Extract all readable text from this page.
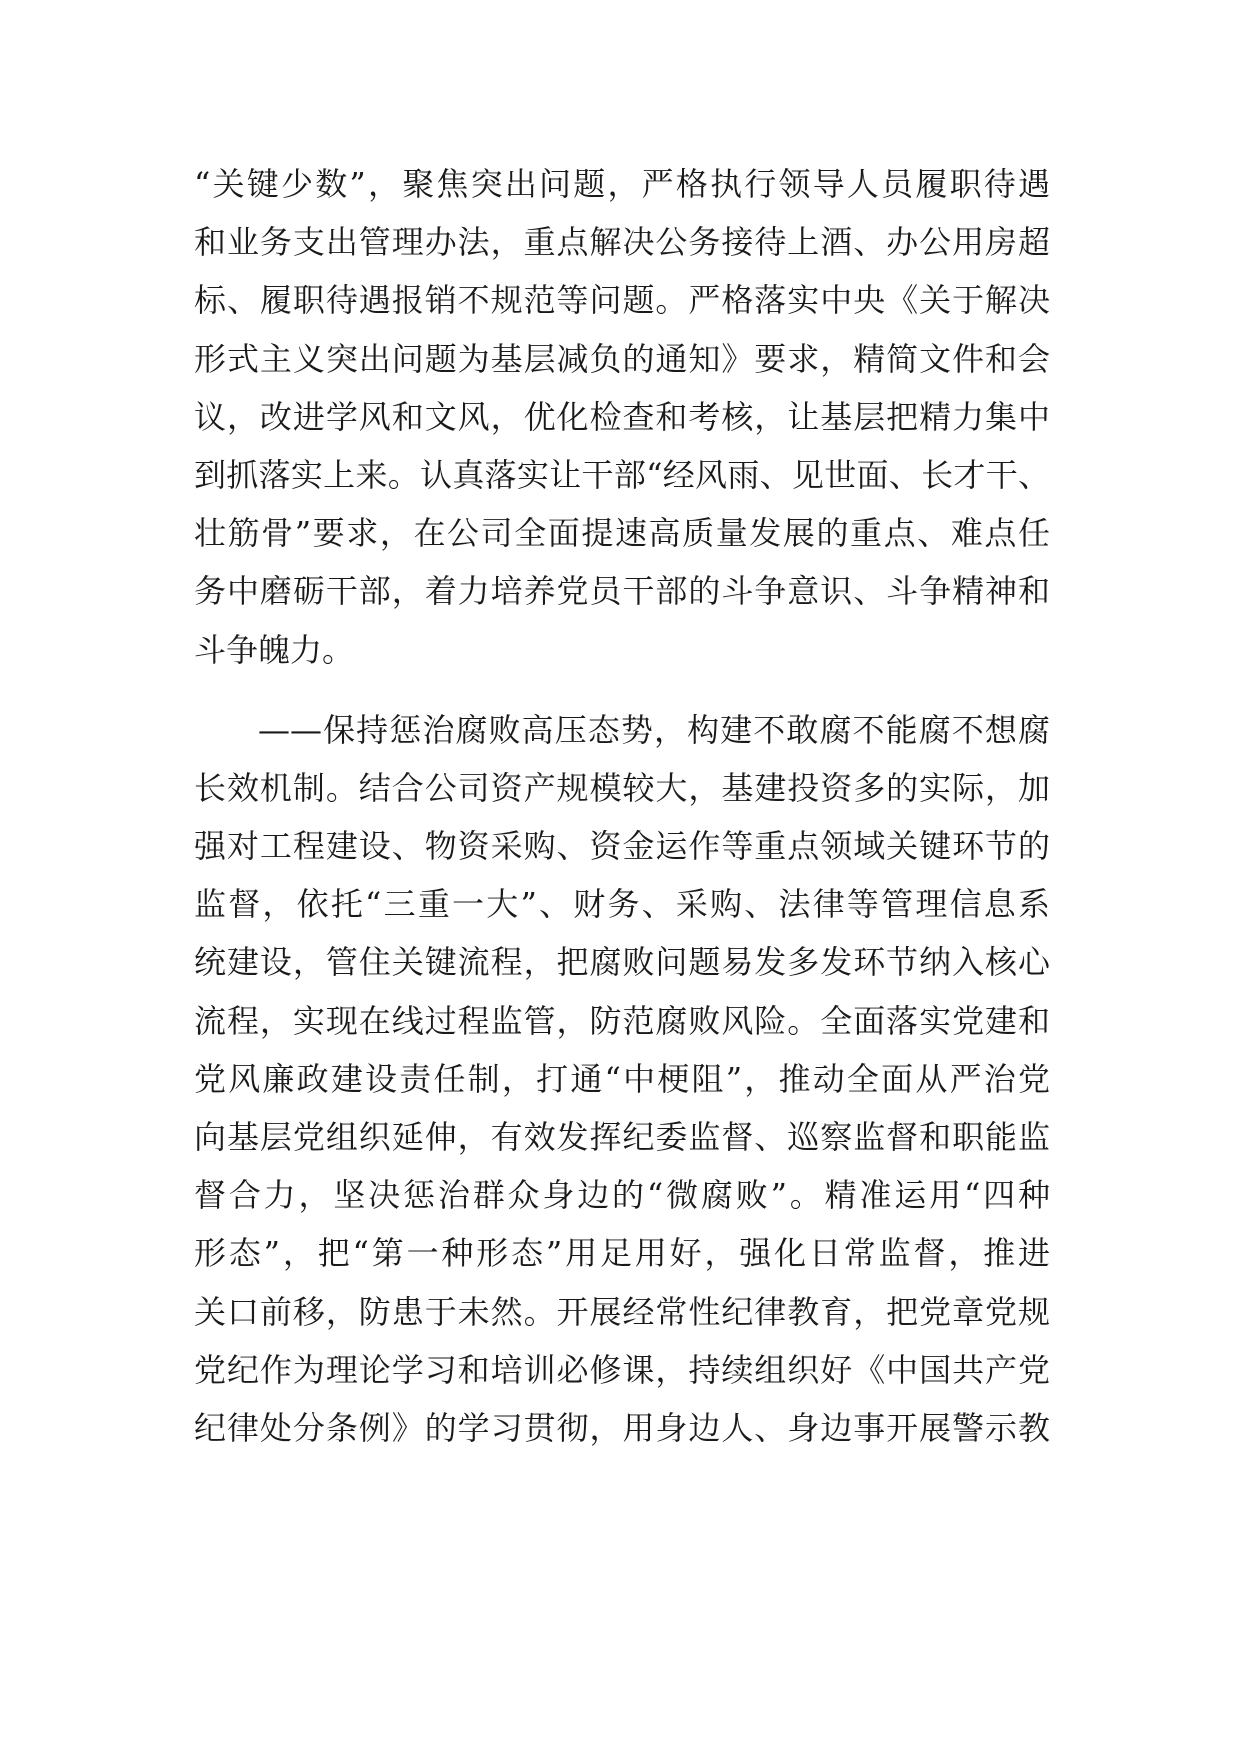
“关键少数”，聚焦突出问题，严格执行领导人员履职待遇
和业务支出管理办法，重点解决公务接待上酒、办公用房超
标、履职待遇报销不规范等问题。严格落实中央《关于解决
形式主义突出问题为基层减负的通知》要求，精简文件和会
议，改进学风和文风，优化检查和考核，让基层把精力集中
到抓落实上来。认真落实让干部“经风雨、见世面、长才干、
壮筋骨”要求，在公司全面提速高质量发展的重点、难点任
务中磨砺干部，着力培养党员干部的斗争意识、斗争精神和
斗争魄力。
——保持惩治腐败高压态势，构建不敢腐不能腐不想腐
长效机制。结合公司资产规模较大，基建投资多的实际，加
强对工程建设、物资采购、资金运作等重点领域关键环节的
监督，依托“三重一大”、财务、采购、法律等管理信息系
统建设，管住关键流程，把腐败问题易发多发环节纳入核心
流程，实现在线过程监管，防范腐败风险。全面落实党建和
党风廉政建设责任制，打通“中梗阻”，推动全面从严治党
向基层党组织延伸，有效发挥纪委监督、巡察监督和职能监
督合力，坚决惩治群众身边的“微腐败”。精准运用“四种
形态”，把“第一种形态”用足用好，强化日常监督，推进
关口前移，防患于未然。开展经常性纪律教育，把党章党规
党纪作为理论学习和培训必修课，持续组织好《中国共产党
纪律处分条例》的学习贯彻，用身边人、身边事开展警示教
